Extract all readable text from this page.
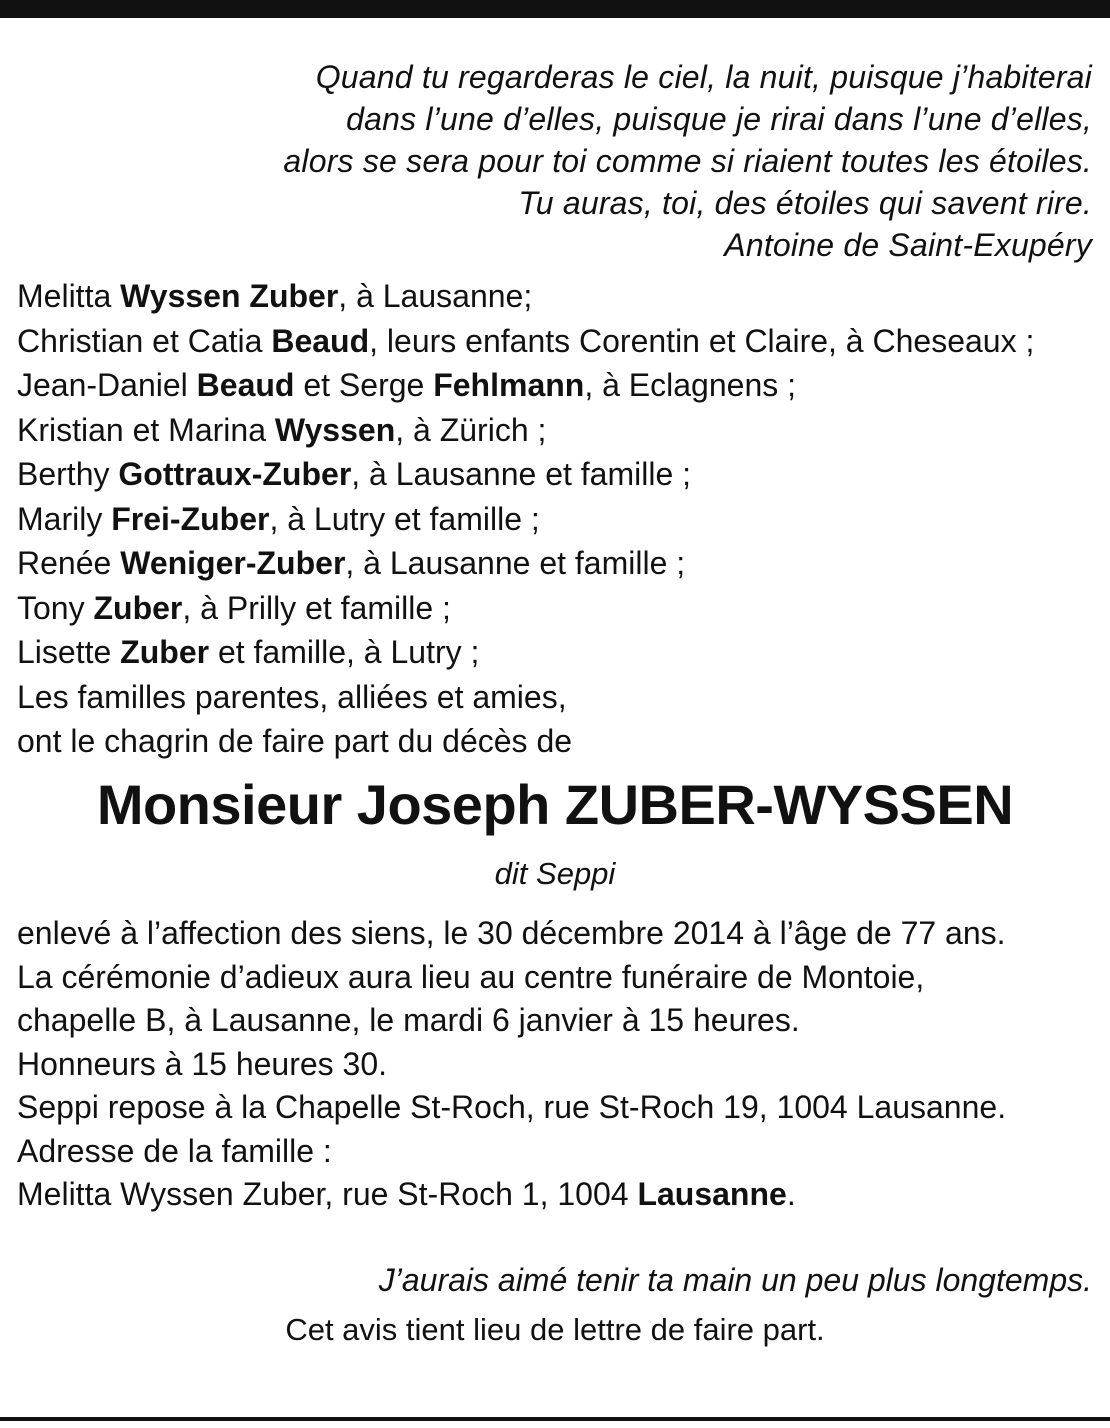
Quand tu regarderas le ciel, la nuit, puisque j’habiterai
dans l’une d’elles, puisque je rirai dans l’une d’elles,
alors se sera pour toi comme si riaient toutes les étoiles.
Tu auras, toi, des étoiles qui savent rire.
Antoine de Saint-Exupéry
Melitta Wyssen Zuber, à Lausanne;
Christian et Catia Beaud, leurs enfants Corentin et Claire, à Cheseaux ;
Jean-Daniel Beaud et Serge Fehlmann, à Eclagnens ;
Kristian et Marina Wyssen, à Zürich ;
Berthy Gottraux-Zuber, à Lausanne et famille ;
Marily Frei-Zuber, à Lutry et famille ;
Renée Weniger-Zuber, à Lausanne et famille ;
Tony Zuber, à Prilly et famille ;
Lisette Zuber et famille, à Lutry ;
Les familles parentes, alliées et amies,
ont le chagrin de faire part du décès de
Monsieur Joseph ZUBER-WYSSEN
dit Seppi
enlevé à l’affection des siens, le 30 décembre 2014 à l’âge de 77 ans.
La cérémonie d’adieux aura lieu au centre funéraire de Montoie,
chapelle B, à Lausanne, le mardi 6 janvier à 15 heures.
Honneurs à 15 heures 30.
Seppi repose à la Chapelle St-Roch, rue St-Roch 19, 1004 Lausanne.
Adresse de la famille :
Melitta Wyssen Zuber, rue St-Roch 1, 1004 Lausanne.
J’aurais aimé tenir ta main un peu plus longtemps.
Cet avis tient lieu de lettre de faire part.
